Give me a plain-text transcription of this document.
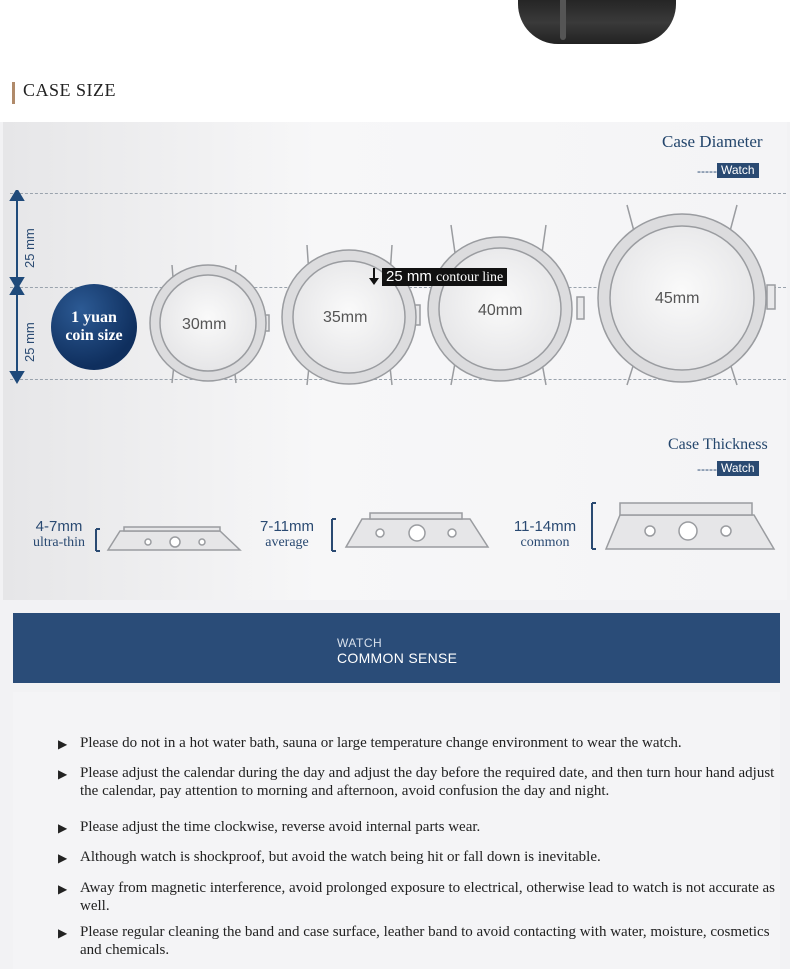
CASE SIZE
Case Diameter
----- Watch
25 mm
25 mm
1 yuan
coin size
30mm	35mm	40mm
45mm
25 mm contour line
Case Thickness
----- Watch
4-7mm
ultra-thin
7-11mm
average
11-14mm
common
WATCH
COMMON SENSE
▶ Please do not in a hot water bath, sauna or large temperature change environment to wear the watch.
▶ Please adjust the calendar during the day and adjust the day before the required date, and then turn hour hand adjust the calendar, pay attention to morning and afternoon, avoid confusion the day and night.
▶ Please adjust the time clockwise, reverse avoid internal parts wear.
▶ Although watch is shockproof, but avoid the watch being hit or fall down is inevitable.
▶ Away from magnetic interference, avoid prolonged exposure to electrical, otherwise lead to watch is not accurate as well.
▶ Please regular cleaning the band and case surface, leather band to avoid contacting with water, moisture, cosmetics and chemicals.
